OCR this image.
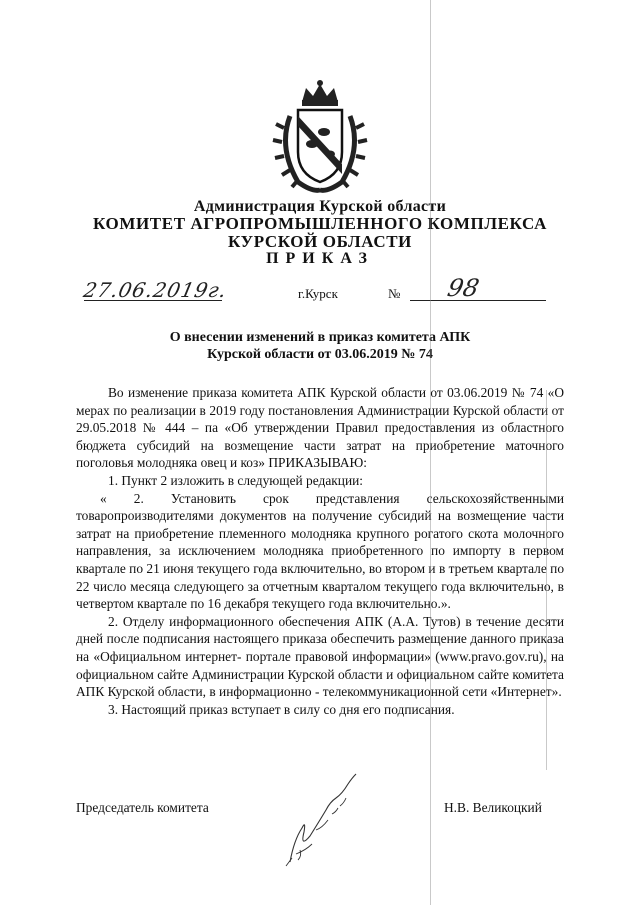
Администрация Курской области
КОМИТЕТ АГРОПРОМЫШЛЕННОГО КОМПЛЕКСА
КУРСКОЙ ОБЛАСТИ
ПРИКАЗ
27.06.2019г.	г.Курск	№ 98
О внесении изменений в приказ комитета АПК
Курской области от 03.06.2019 № 74

Во изменение приказа комитета АПК Курской области от 03.06.2019 № 74 «О мерах по реализации в 2019 году постановления Администрации Курской области от 29.05.2018 № 444 – па «Об утверждении Правил предоставления из областного бюджета субсидий на возмещение части затрат на приобретение маточного поголовья молодняка овец и коз» ПРИКАЗЫВАЮ:

1. Пункт 2 изложить в следующей редакции:

« 2. Установить срок представления сельскохозяйственными товаропроизводителями документов на получение субсидий на возмещение части затрат на приобретение племенного молодняка крупного рогатого скота молочного направления, за исключением молодняка приобретенного по импорту в первом квартале по 21 июня текущего года включительно, во втором и в третьем квартале по 22 число месяца следующего за отчетным кварталом текущего года включительно, в четвертом квартале по 16 декабря текущего года включительно.».

2. Отделу информационного обеспечения АПК (А.А. Тутов) в течение десяти дней после подписания настоящего приказа обеспечить размещение данного приказа на «Официальном интернет- портале правовой информации» (www.pravo.gov.ru), на официальном сайте Администрации Курской области и официальном сайте комитета АПК Курской области, в информационно - телекоммуникационной сети «Интернет».

3. Настоящий приказ вступает в силу со дня его подписания.

Председатель комитета	Н.В. Великоцкий
